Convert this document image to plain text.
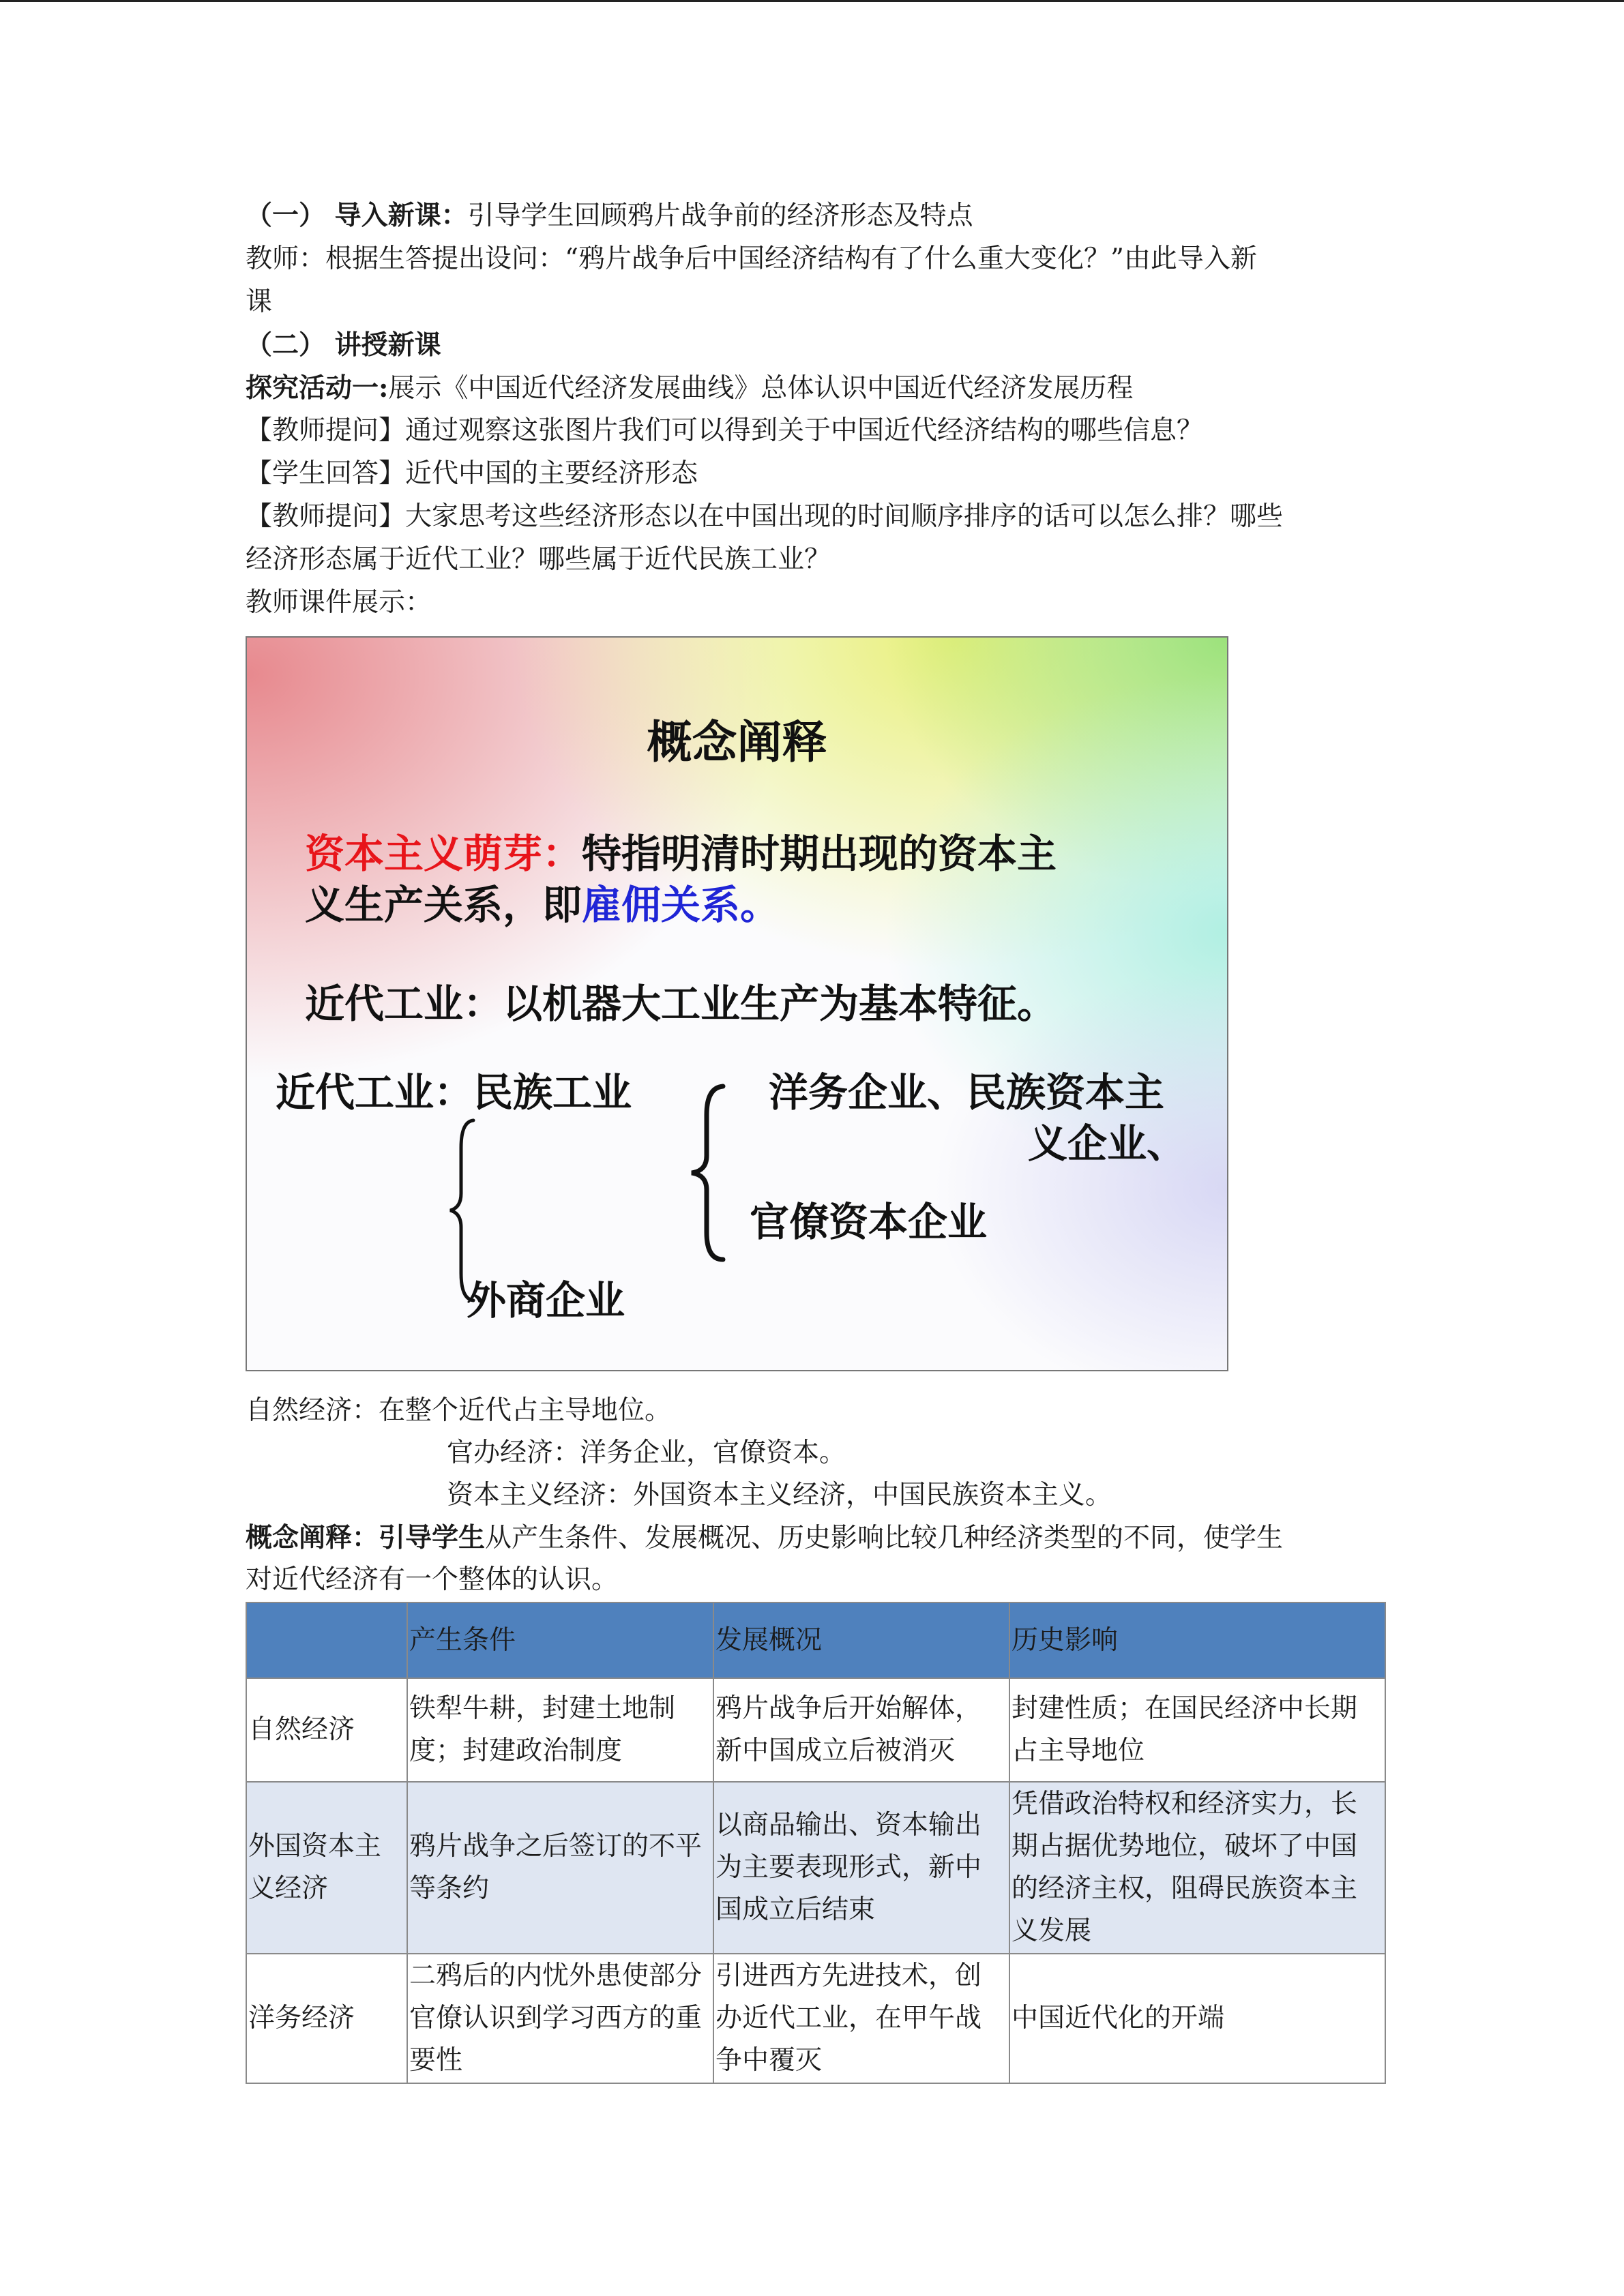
（一） 导入新课：引导学生回顾鸦片战争前的经济形态及特点
教师：根据生答提出设问：“鸦片战争后中国经济结构有了什么重大变化？”由此导入新
课
（二） 讲授新课
探究活动一:展示《中国近代经济发展曲线》总体认识中国近代经济发展历程
【教师提问】通过观察这张图片我们可以得到关于中国近代经济结构的哪些信息？
【学生回答】近代中国的主要经济形态
【教师提问】大家思考这些经济形态以在中国出现的时间顺序排序的话可以怎么排？哪些
经济形态属于近代工业？哪些属于近代民族工业？
教师课件展示：
概念阐释
资本主义萌芽：特指明清时期出现的资本主
义生产关系，即雇佣关系。
近代工业：以机器大工业生产为基本特征。
近代工业：民族工业	洋务企业、民族资本主
义企业、
官僚资本企业
外商企业
自然经济：在整个近代占主导地位。
官办经济：洋务企业，官僚资本。
资本主义经济：外国资本主义经济，中国民族资本主义。
概念阐释：引导学生从产生条件、发展概况、历史影响比较几种经济类型的不同，使学生
对近代经济有一个整体的认识。
	产生条件	发展概况	历史影响
自然经济	铁犁牛耕，封建土地制度；封建政治制度	鸦片战争后开始解体，新中国成立后被消灭	封建性质；在国民经济中长期占主导地位
外国资本主义经济	鸦片战争之后签订的不平等条约	以商品输出、资本输出为主要表现形式，新中国成立后结束	凭借政治特权和经济实力，长期占据优势地位，破坏了中国的经济主权，阻碍民族资本主义发展
洋务经济	二鸦后的内忧外患使部分官僚认识到学习西方的重要性	引进西方先进技术，创办近代工业，在甲午战争中覆灭	中国近代化的开端
